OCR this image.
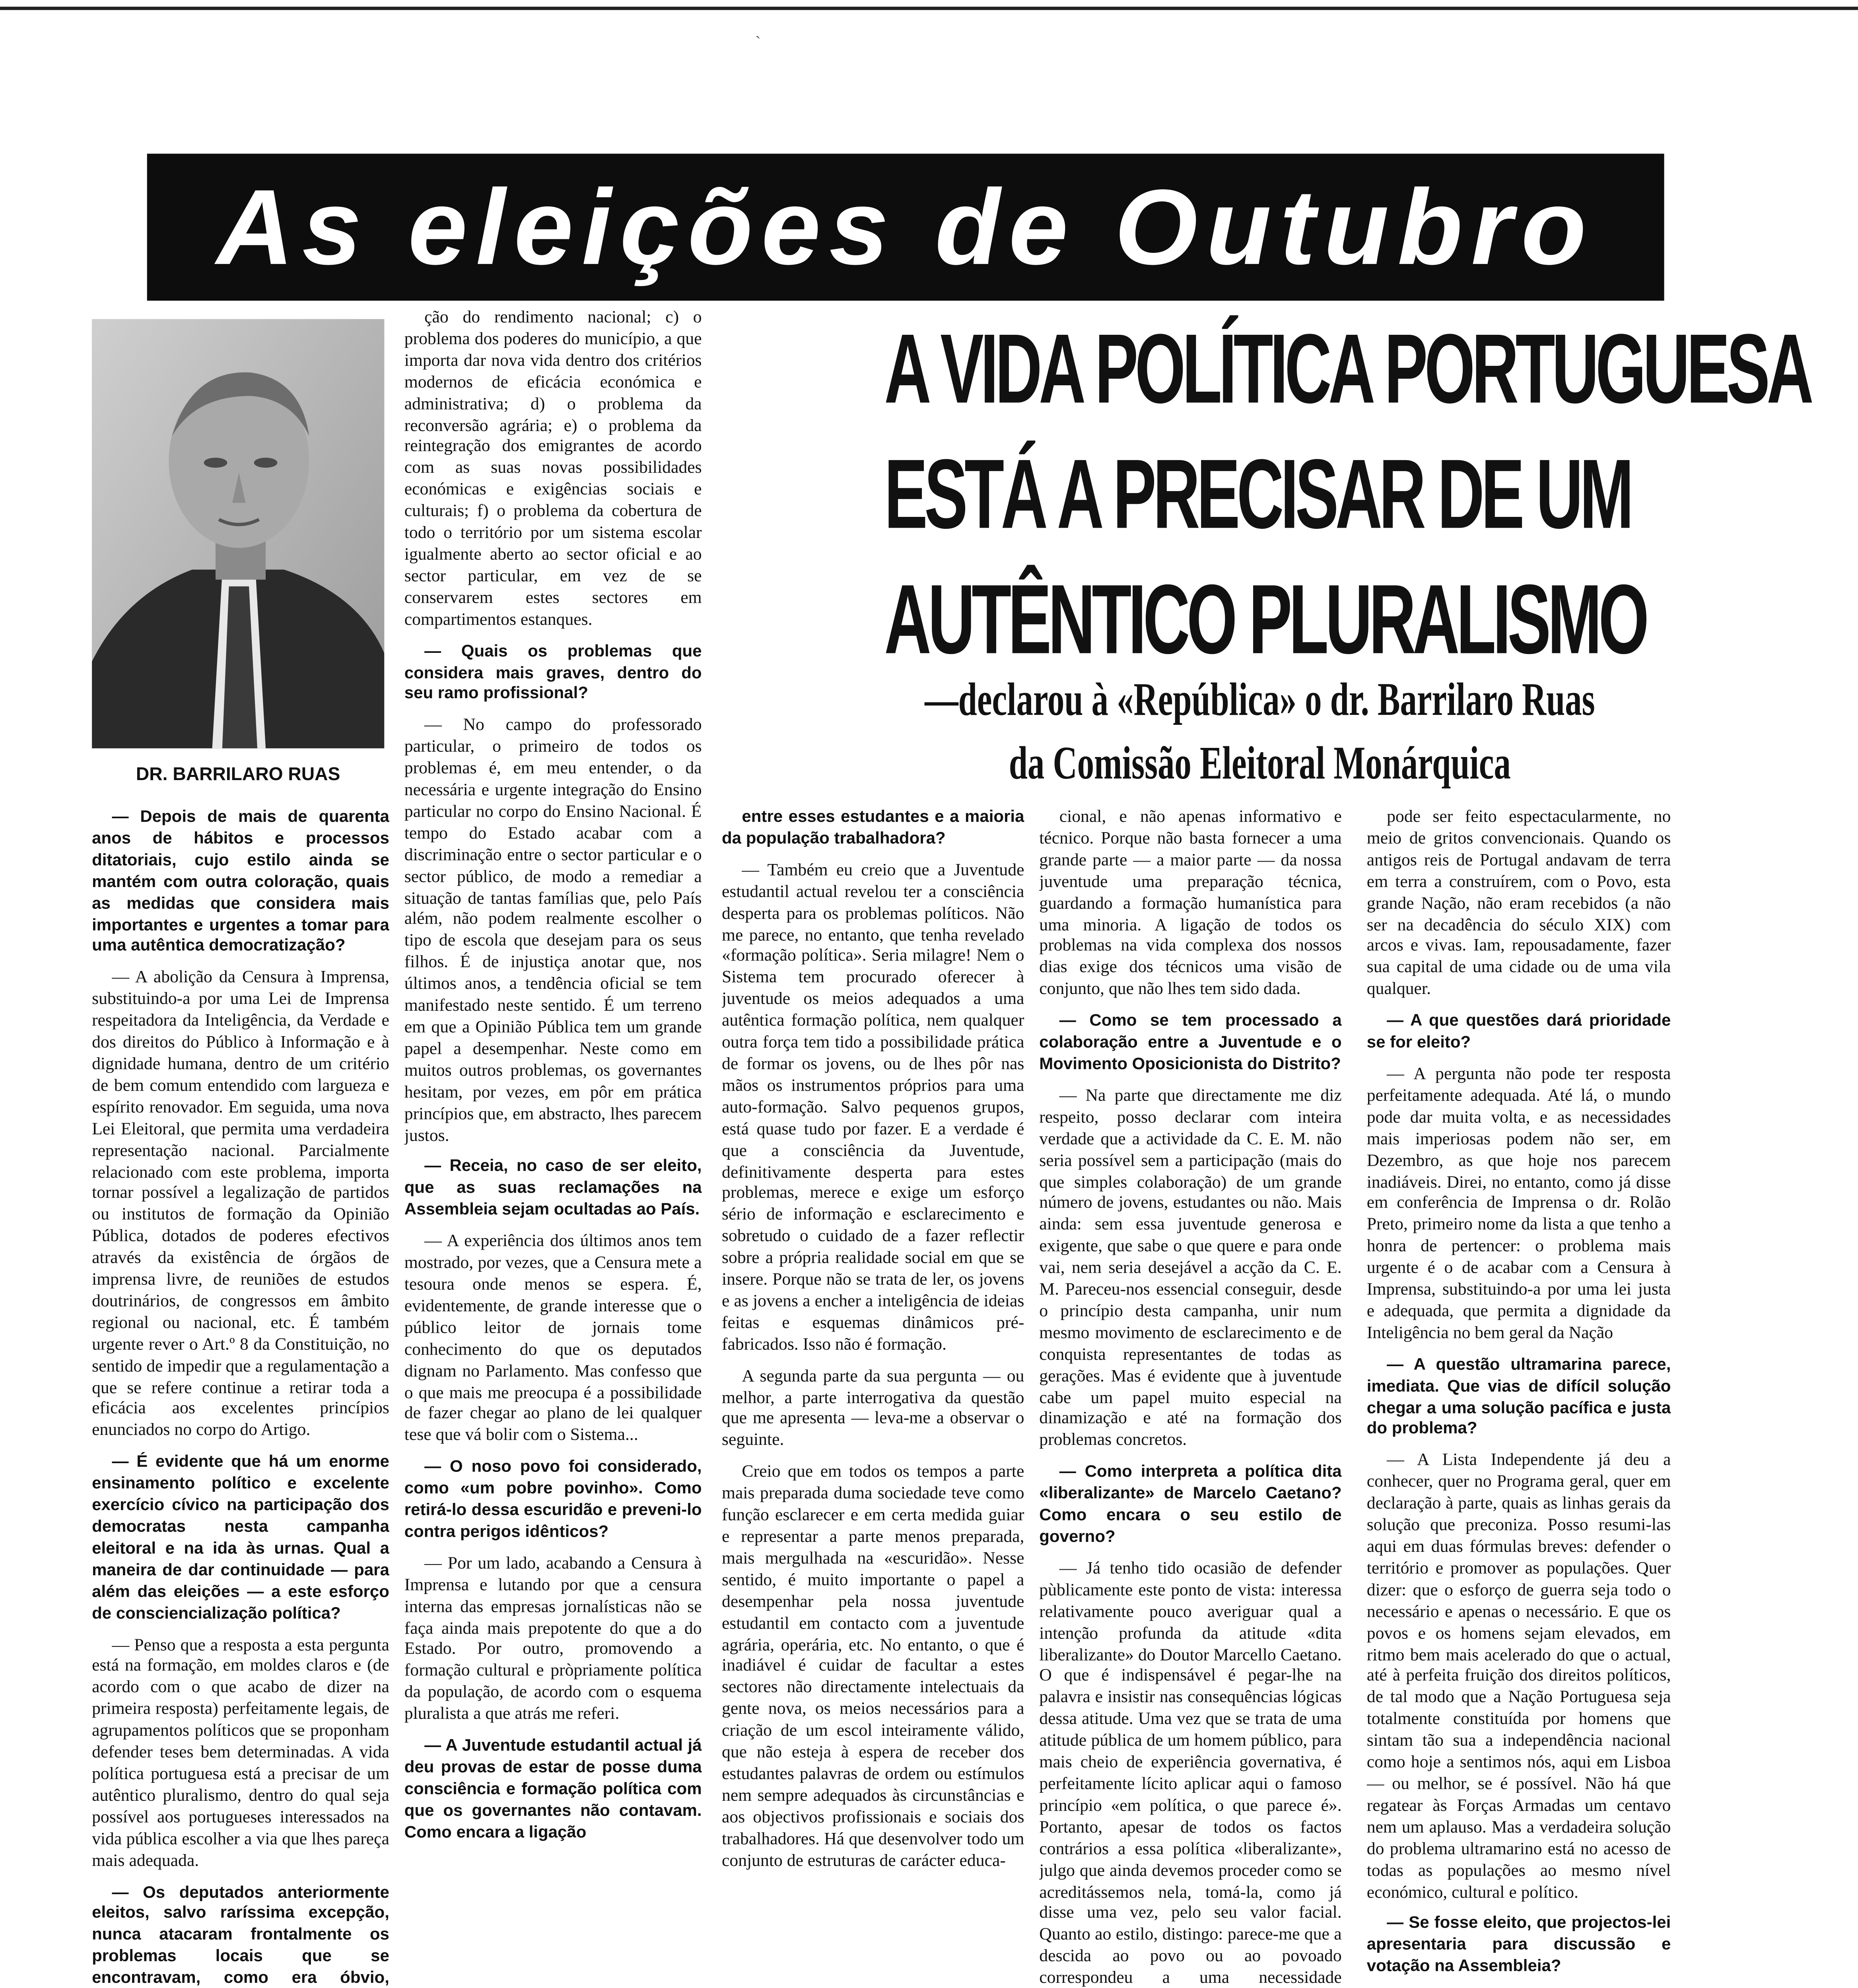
ˎ
As eleições de Outubro
DR. BARRILARO RUAS
A VIDA POLÍTICA PORTUGUESA
ESTÁ A PRECISAR DE UM
AUTÊNTICO PLURALISMO
—declarou à «República» o dr. Barrilaro Ruas
da Comissão Eleitoral Monárquica

— Depois de mais de quarenta anos de hábitos e processos ditatoriais, cujo estilo ainda se mantém com outra coloração, quais as medidas que considera mais importantes e urgentes a tomar para uma autêntica democratização?

— A abolição da Censura à Imprensa, substituindo-a por uma Lei de Imprensa respeitadora da Inteligência, da Verdade e dos direitos do Público à Informação e à dignidade humana, dentro de um critério de bem comum entendido com largueza e espírito renovador. Em seguida, uma nova Lei Eleitoral, que permita uma verdadeira representação nacional. Parcialmente relacionado com este problema, importa tornar possível a legalização de partidos ou institutos de formação da Opinião Pública, dotados de poderes efectivos através da existência de órgãos de imprensa livre, de reuniões de estudos doutrinários, de congressos em âmbito regional ou nacional, etc. É também urgente rever o Art.º 8 da Constituição, no sentido de impedir que a regulamentação a que se refere continue a retirar toda a eficácia aos excelentes princípios enunciados no corpo do Artigo.

— É evidente que há um enorme ensinamento político e excelente exercício cívico na participação dos democratas nesta campanha eleitoral e na ida às urnas. Qual a maneira de dar continuidade — para além das eleições — a este esforço de consciencialização política?

— Penso que a resposta a esta pergunta está na formação, em moldes claros e (de acordo com o que acabo de dizer na primeira resposta) perfeitamente legais, de agrupamentos políticos que se proponham defender teses bem determinadas. A vida política portuguesa está a precisar de um autêntico pluralismo, dentro do qual seja possível aos portugueses interessados na vida pública escolher a via que lhes pareça mais adequada.

— Os deputados anteriormente eleitos, salvo raríssima excepção, nunca atacaram frontalmente os problemas locais que se encontravam, como era óbvio,

ção do rendimento nacional; c) o problema dos poderes do município, a que importa dar nova vida dentro dos critérios modernos de eficácia económica e administrativa; d) o problema da reconversão agrária; e) o problema da reintegração dos emigrantes de acordo com as suas novas possibilidades económicas e exigências sociais e culturais; f) o problema da cobertura de todo o território por um sistema escolar igualmente aberto ao sector oficial e ao sector particular, em vez de se conservarem estes sectores em compartimentos estanques.

— Quais os problemas que considera mais graves, dentro do seu ramo profissional?

— No campo do professorado particular, o primeiro de todos os problemas é, em meu entender, o da necessária e urgente integração do Ensino particular no corpo do Ensino Nacional. É tempo do Estado acabar com a discriminação entre o sector particular e o sector público, de modo a remediar a situação de tantas famílias que, pelo País além, não podem realmente escolher o tipo de escola que desejam para os seus filhos. É de injustiça anotar que, nos últimos anos, a tendência oficial se tem manifestado neste sentido. É um terreno em que a Opinião Pública tem um grande papel a desempenhar. Neste como em muitos outros problemas, os governantes hesitam, por vezes, em pôr em prática princípios que, em abstracto, lhes parecem justos.

— Receia, no caso de ser eleito, que as suas reclamações na Assembleia sejam ocultadas ao País.

— A experiência dos últimos anos tem mostrado, por vezes, que a Censura mete a tesoura onde menos se espera. É, evidentemente, de grande interesse que o público leitor de jornais tome conhecimento do que os deputados dignam no Parlamento. Mas confesso que o que mais me preocupa é a possibilidade de fazer chegar ao plano de lei qualquer tese que vá bolir com o Sistema...

— O noso povo foi considerado, como «um pobre povinho». Como retirá-lo dessa escuridão e preveni-lo contra perigos idênticos?

— Por um lado, acabando a Censura à Imprensa e lutando por que a censura interna das empresas jornalísticas não se faça ainda mais prepotente do que a do Estado. Por outro, promovendo a formação cultural e pròpriamente política da população, de acordo com o esquema pluralista a que atrás me referi.

— A Juventude estudantil actual já deu provas de estar de posse duma consciência e formação política com que os governantes não contavam. Como encara a ligação

entre esses estudantes e a maioria da população trabalhadora?

— Também eu creio que a Juventude estudantil actual revelou ter a consciência desperta para os problemas políticos. Não me parece, no entanto, que tenha revelado «formação política». Seria milagre! Nem o Sistema tem procurado oferecer à juventude os meios adequados a uma autêntica formação política, nem qualquer outra força tem tido a possibilidade prática de formar os jovens, ou de lhes pôr nas mãos os instrumentos próprios para uma auto-formação. Salvo pequenos grupos, está quase tudo por fazer. E a verdade é que a consciência da Juventude, definitivamente desperta para estes problemas, merece e exige um esforço sério de informação e esclarecimento e sobretudo o cuidado de a fazer reflectir sobre a própria realidade social em que se insere. Porque não se trata de ler, os jovens e as jovens a encher a inteligência de ideias feitas e esquemas dinâmicos pré-fabricados. Isso não é formação.

A segunda parte da sua pergunta — ou melhor, a parte interrogativa da questão que me apresenta — leva-me a observar o seguinte.

Creio que em todos os tempos a parte mais preparada duma sociedade teve como função esclarecer e em certa medida guiar e representar a parte menos preparada, mais mergulhada na «escuridão». Nesse sentido, é muito importante o papel a desempenhar pela nossa juventude estudantil em contacto com a juventude agrária, operária, etc. No entanto, o que é inadiável é cuidar de facultar a estes sectores não directamente intelectuais da gente nova, os meios necessários para a criação de um escol inteiramente válido, que não esteja à espera de receber dos estudantes palavras de ordem ou estímulos nem sempre adequados às circunstâncias e aos objectivos profissionais e sociais dos trabalhadores. Há que desenvolver todo um conjunto de estruturas de carácter educa-

cional, e não apenas informativo e técnico. Porque não basta fornecer a uma grande parte — a maior parte — da nossa juventude uma preparação técnica, guardando a formação humanística para uma minoria. A ligação de todos os problemas na vida complexa dos nossos dias exige dos técnicos uma visão de conjunto, que não lhes tem sido dada.

— Como se tem processado a colaboração entre a Juventude e o Movimento Oposicionista do Distrito?

— Na parte que directamente me diz respeito, posso declarar com inteira verdade que a actividade da C. E. M. não seria possível sem a participação (mais do que simples colaboração) de um grande número de jovens, estudantes ou não. Mais ainda: sem essa juventude generosa e exigente, que sabe o que quere e para onde vai, nem seria desejável a acção da C. E. M. Pareceu-nos essencial conseguir, desde o princípio desta campanha, unir num mesmo movimento de esclarecimento e de conquista representantes de todas as gerações. Mas é evidente que à juventude cabe um papel muito especial na dinamização e até na formação dos problemas concretos.

— Como interpreta a política dita «liberalizante» de Marcelo Caetano? Como encara o seu estilo de governo?

— Já tenho tido ocasião de defender pùblicamente este ponto de vista: interessa relativamente pouco averiguar qual a intenção profunda da atitude «dita liberalizante» do Doutor Marcello Caetano. O que é indispensável é pegar-lhe na palavra e insistir nas consequências lógicas dessa atitude. Uma vez que se trata de uma atitude pública de um homem público, para mais cheio de experiência governativa, é perfeitamente lícito aplicar aqui o famoso princípio «em política, o que parece é». Portanto, apesar de todos os factos contrários a essa política «liberalizante», julgo que ainda devemos proceder como se acreditássemos nela, tomá-la, como já disse uma vez, pelo seu valor facial. Quanto ao estilo, distingo: parece-me que a descida ao povo ou ao povoado correspondeu a uma necessidade

pode ser feito espectacularmente, no meio de gritos convencionais. Quando os antigos reis de Portugal andavam de terra em terra a construírem, com o Povo, esta grande Nação, não eram recebidos (a não ser na decadência do século XIX) com arcos e vivas. Iam, repousadamente, fazer sua capital de uma cidade ou de uma vila qualquer.

— A que questões dará prioridade se for eleito?

— A pergunta não pode ter resposta perfeitamente adequada. Até lá, o mundo pode dar muita volta, e as necessidades mais imperiosas podem não ser, em Dezembro, as que hoje nos parecem inadiáveis. Direi, no entanto, como já disse em conferência de Imprensa o dr. Rolão Preto, primeiro nome da lista a que tenho a honra de pertencer: o problema mais urgente é o de acabar com a Censura à Imprensa, substituindo-a por uma lei justa e adequada, que permita a dignidade da Inteligência no bem geral da Nação

— A questão ultramarina parece, imediata. Que vias de difícil solução chegar a uma solução pacífica e justa do problema?

— A Lista Independente já deu a conhecer, quer no Programa geral, quer em declaração à parte, quais as linhas gerais da solução que preconiza. Posso resumi-las aqui em duas fórmulas breves: defender o território e promover as populações. Quer dizer: que o esforço de guerra seja todo o necessário e apenas o necessário. E que os povos e os homens sejam elevados, em ritmo bem mais acelerado do que o actual, até à perfeita fruição dos direitos políticos, de tal modo que a Nação Portuguesa seja totalmente constituída por homens que sintam tão sua a independência nacional como hoje a sentimos nós, aqui em Lisboa — ou melhor, se é possível. Não há que regatear às Forças Armadas um centavo nem um aplauso. Mas a verdadeira solução do problema ultramarino está no acesso de todas as populações ao mesmo nível económico, cultural e político.

— Se fosse eleito, que projectos-lei apresentaria para discussão e votação na Assembleia?
